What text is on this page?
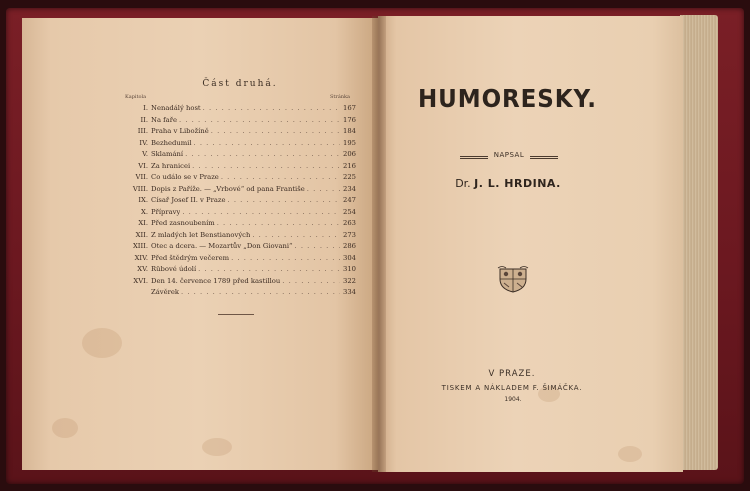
Část druhá.
Kapitola	Stránka
I. Nenadálý host . . .	167
II. Na faře . . .	176
III. Praha v Libožíně . . .	184
IV. Bezhedumil . . .	195
V. Sklamání . . .	206
VI. Za hranicei . . .	216
VII. Co událo se v Praze . . .	225
VIII. Dopis z Paříže. — „Vrbové“ od pana Františe . . .	234
IX. Císař Josef II. v Praze . . .	247
X. Přípravy . . .	254
XI. Před zasnoubením . . .	263
XII. Z mladých let Benstianových . . .	273
XIII. Otec a dcera. — Mozartův „Don Giovani“ . . .	286
XIV. Před štědrým večerem . . .	304
XV. Rübové údolí . . .	310
XVI. Den 14. července 1789 před kastillou . . .	322
Závěrek . . .	334
HUMORESKY.
NAPSAL
Dr. J. L. HRDINA.
V PRAZE.
TISKEM A NÁKLADEM F. ŠIMÁČKA.
1904.
